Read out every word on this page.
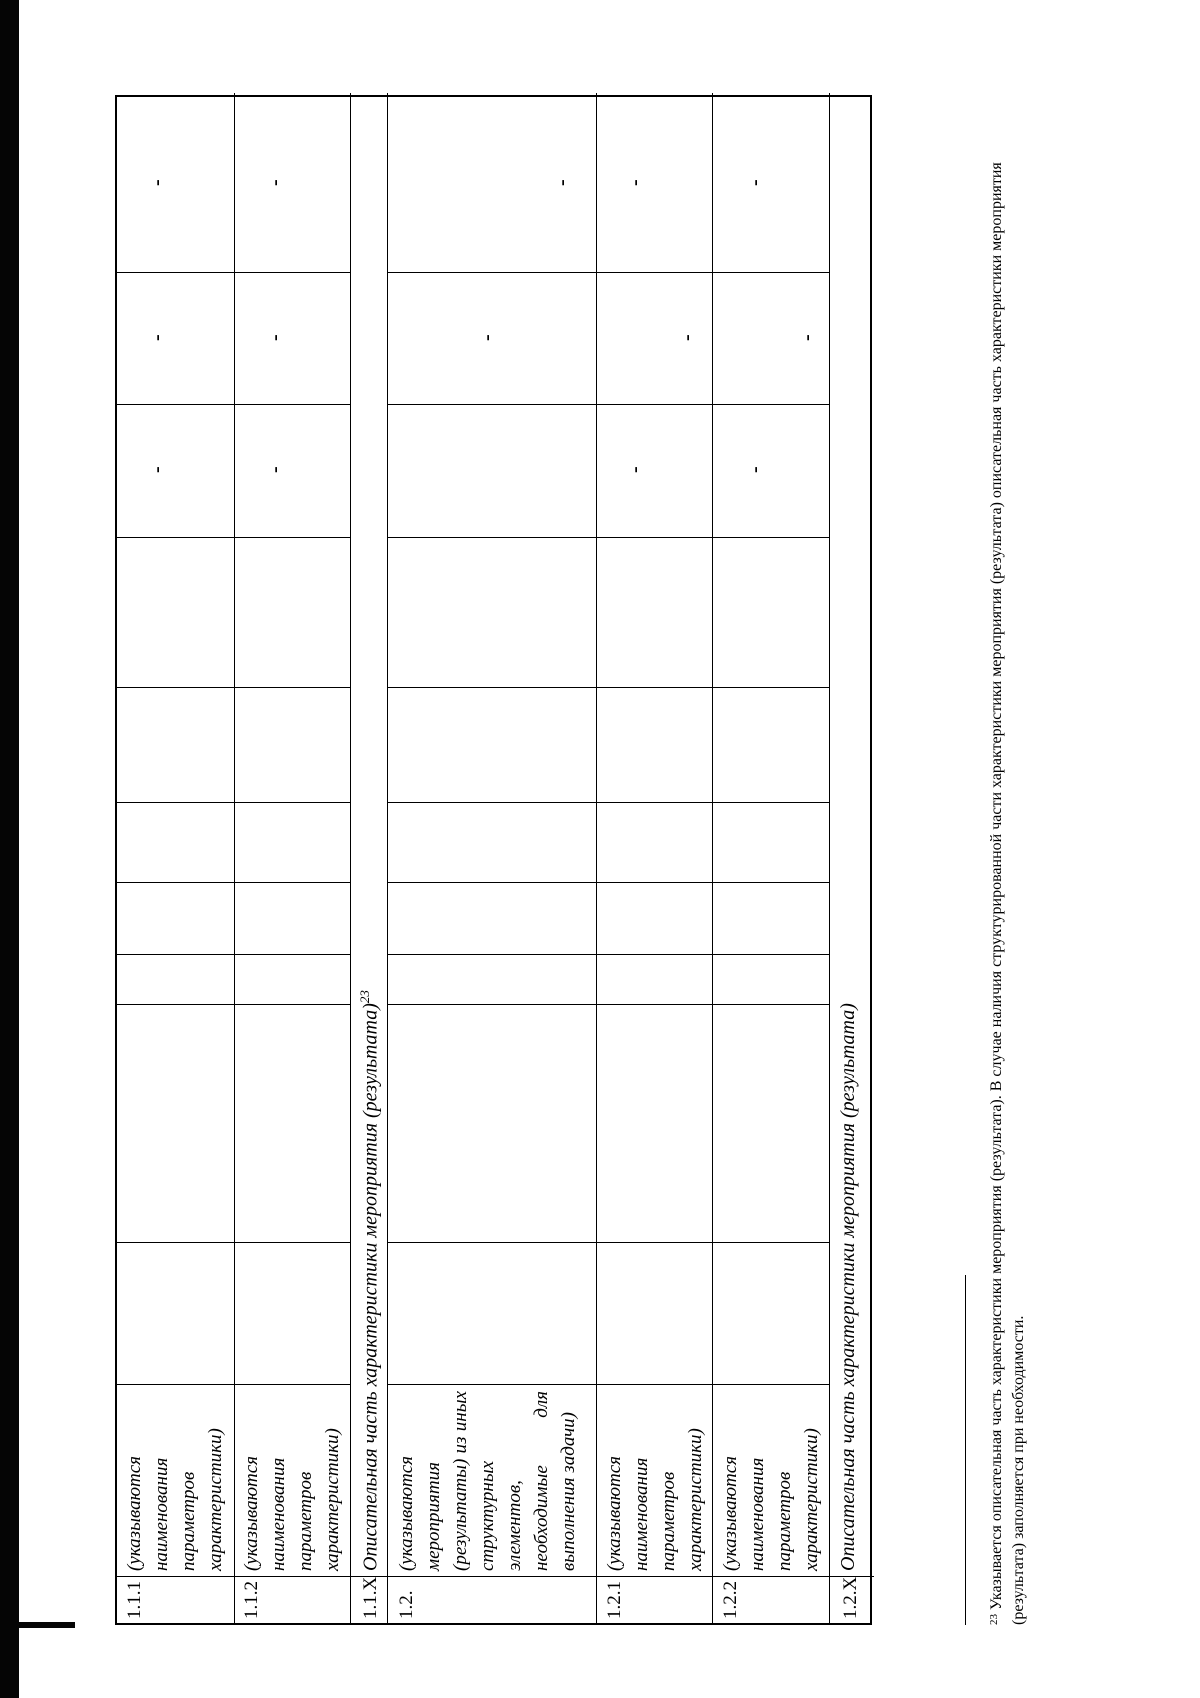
1.1.1
(указываются наименования параметров характеристики)
-
-
-
1.1.2
(указываются наименования параметров характеристики)
-
-
-
1.1.X
Описательная часть характеристики мероприятия (результата)$^{23}$
1.2.
(указываются мероприятия (результаты) из иных структурных элементов, необходимые для выполнения задачи)
-
-
1.2.1
(указываются наименования параметров характеристики)
-
-
-
1.2.2
(указываются наименования параметров характеристики)
-
-
-
1.2.X
Описательная часть характеристики мероприятия (результата)
$^{23}$ Указывается описательная часть характеристики мероприятия (результата). В случае наличия структурированной части характеристики мероприятия (результата) описательная часть характеристики мероприятия (результата) заполняется при необходимости.
